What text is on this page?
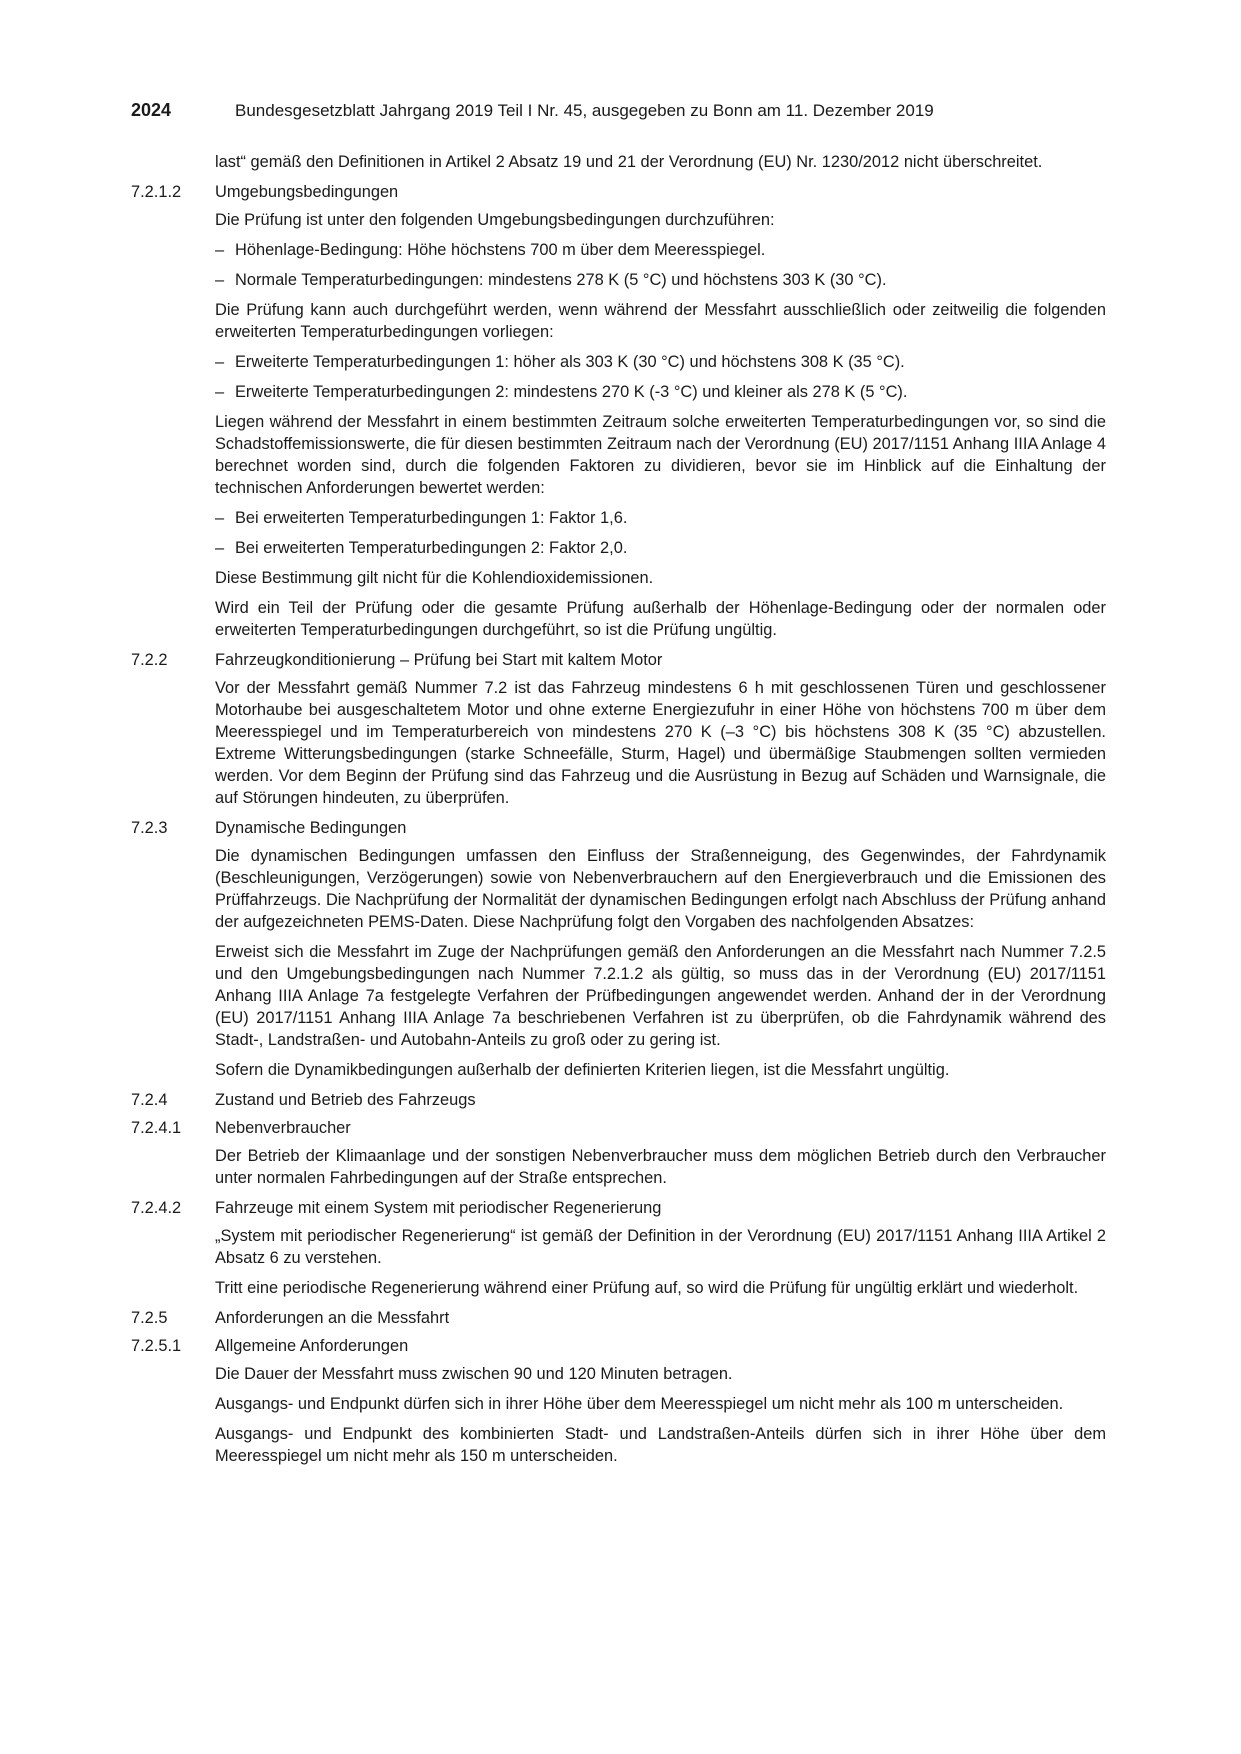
2024	Bundesgesetzblatt Jahrgang 2019 Teil I Nr. 45, ausgegeben zu Bonn am 11. Dezember 2019
last“ gemäß den Definitionen in Artikel 2 Absatz 19 und 21 der Verordnung (EU) Nr. 1230/2012 nicht überschreitet.
7.2.1.2 Umgebungsbedingungen
Die Prüfung ist unter den folgenden Umgebungsbedingungen durchzuführen:
– Höhenlage-Bedingung: Höhe höchstens 700 m über dem Meeresspiegel.
– Normale Temperaturbedingungen: mindestens 278 K (5 °C) und höchstens 303 K (30 °C).
Die Prüfung kann auch durchgeführt werden, wenn während der Messfahrt ausschließlich oder zeitweilig die folgenden erweiterten Temperaturbedingungen vorliegen:
– Erweiterte Temperaturbedingungen 1: höher als 303 K (30 °C) und höchstens 308 K (35 °C).
– Erweiterte Temperaturbedingungen 2: mindestens 270 K (-3 °C) und kleiner als 278 K (5 °C).
Liegen während der Messfahrt in einem bestimmten Zeitraum solche erweiterten Temperaturbedingungen vor, so sind die Schadstoffemissionswerte, die für diesen bestimmten Zeitraum nach der Verordnung (EU) 2017/1151 Anhang IIIA Anlage 4 berechnet worden sind, durch die folgenden Faktoren zu dividieren, bevor sie im Hinblick auf die Einhaltung der technischen Anforderungen bewertet werden:
– Bei erweiterten Temperaturbedingungen 1: Faktor 1,6.
– Bei erweiterten Temperaturbedingungen 2: Faktor 2,0.
Diese Bestimmung gilt nicht für die Kohlendioxidemissionen.
Wird ein Teil der Prüfung oder die gesamte Prüfung außerhalb der Höhenlage-Bedingung oder der normalen oder erweiterten Temperaturbedingungen durchgeführt, so ist die Prüfung ungültig.
7.2.2	Fahrzeugkonditionierung – Prüfung bei Start mit kaltem Motor
Vor der Messfahrt gemäß Nummer 7.2 ist das Fahrzeug mindestens 6 h mit geschlossenen Türen und geschlossener Motorhaube bei ausgeschaltetem Motor und ohne externe Energiezufuhr in einer Höhe von höchstens 700 m über dem Meeresspiegel und im Temperaturbereich von mindestens 270 K (–3 °C) bis höchstens 308 K (35 °C) abzustellen. Extreme Witterungsbedingungen (starke Schneefälle, Sturm, Hagel) und übermäßige Staubmengen sollten vermieden werden. Vor dem Beginn der Prüfung sind das Fahrzeug und die Ausrüstung in Bezug auf Schäden und Warnsignale, die auf Störungen hindeuten, zu überprüfen.
7.2.3	Dynamische Bedingungen
Die dynamischen Bedingungen umfassen den Einfluss der Straßenneigung, des Gegenwindes, der Fahrdynamik (Beschleunigungen, Verzögerungen) sowie von Nebenverbrauchern auf den Energieverbrauch und die Emissionen des Prüffahrzeugs. Die Nachprüfung der Normalität der dynamischen Bedingungen erfolgt nach Abschluss der Prüfung anhand der aufgezeichneten PEMS-Daten. Diese Nachprüfung folgt den Vorgaben des nachfolgenden Absatzes:
Erweist sich die Messfahrt im Zuge der Nachprüfungen gemäß den Anforderungen an die Messfahrt nach Nummer 7.2.5 und den Umgebungsbedingungen nach Nummer 7.2.1.2 als gültig, so muss das in der Verordnung (EU) 2017/1151 Anhang IIIA Anlage 7a festgelegte Verfahren der Prüfbedingungen angewendet werden. Anhand der in der Verordnung (EU) 2017/1151 Anhang IIIA Anlage 7a beschriebenen Verfahren ist zu überprüfen, ob die Fahrdynamik während des Stadt-, Landstraßen- und Autobahn-Anteils zu groß oder zu gering ist.
Sofern die Dynamikbedingungen außerhalb der definierten Kriterien liegen, ist die Messfahrt ungültig.
7.2.4	Zustand und Betrieb des Fahrzeugs
7.2.4.1 Nebenverbraucher
Der Betrieb der Klimaanlage und der sonstigen Nebenverbraucher muss dem möglichen Betrieb durch den Verbraucher unter normalen Fahrbedingungen auf der Straße entsprechen.
7.2.4.2 Fahrzeuge mit einem System mit periodischer Regenerierung
„System mit periodischer Regenerierung“ ist gemäß der Definition in der Verordnung (EU) 2017/1151 Anhang IIIA Artikel 2 Absatz 6 zu verstehen.
Tritt eine periodische Regenerierung während einer Prüfung auf, so wird die Prüfung für ungültig erklärt und wiederholt.
7.2.5	Anforderungen an die Messfahrt
7.2.5.1 Allgemeine Anforderungen
Die Dauer der Messfahrt muss zwischen 90 und 120 Minuten betragen.
Ausgangs- und Endpunkt dürfen sich in ihrer Höhe über dem Meeresspiegel um nicht mehr als 100 m unterscheiden.
Ausgangs- und Endpunkt des kombinierten Stadt- und Landstraßen-Anteils dürfen sich in ihrer Höhe über dem Meeresspiegel um nicht mehr als 150 m unterscheiden.
